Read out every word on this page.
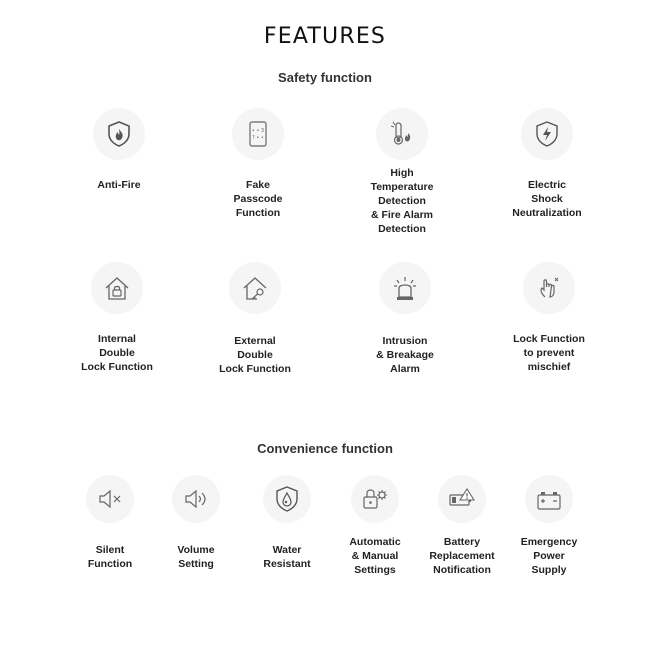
FEATURES
Safety function
Anti-Fire
• • 3
? • •
Fake
Passcode
Function
High
Temperature
Detection
& Fire Alarm
Detection
Electric
Shock
Neutralization
Internal
Double
Lock Function
External
Double
Lock Function
Intrusion
& Breakage
Alarm
Lock Function
to prevent
mischief
Convenience function
Silent
Function
Volume
Setting
Water
Resistant
Automatic
& Manual
Settings
Battery
Replacement
Notification
Emergency
Power
Supply
